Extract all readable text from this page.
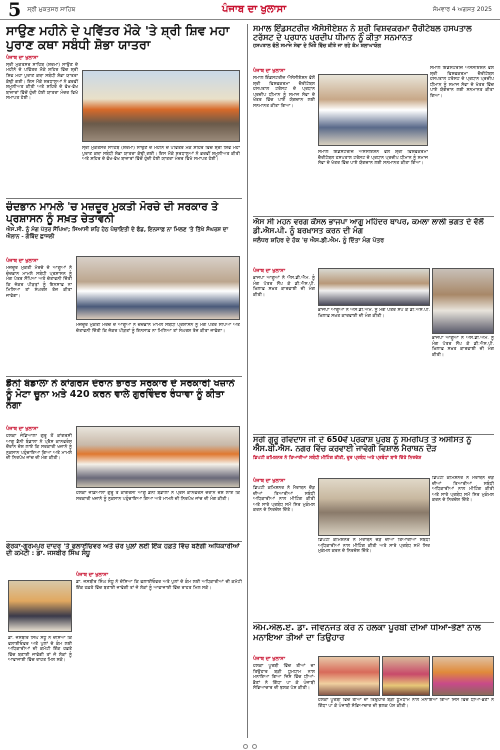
5 ਸ੍ਰੀ ਮੁਕਤਸਰ ਸਾਹਿਬ	ਪੰਜਾਬ ਦਾ ਖੁਲਾਸਾ	ਸੋਮਵਾਰ 4 ਅਗਸਤ 2025
ਸਾਉਣ ਮਹੀਨੇ ਦੇ ਪਵਿੱਤਰ ਮੌਕੇ 'ਤੇ ਸ਼੍ਰੀ ਸ਼ਿਵ ਮਹਾ ਪੁਰਾਣ ਕਥਾ ਸਬੰਧੀ ਸ਼ੋਭਾ ਯਾਤਰਾ
ਪੰਜਾਬ ਦਾ ਖੁਲਾਸਾ
ਸ੍ਰੀ ਮੁਕਤਸਰ ਸਾਹਿਬ (ਸ਼ਰਮਾ) ਸਾਉਣ ਦੇ ਮਹੀਨੇ ਦੇ ਪਵਿੱਤਰ ਮੌਕੇ ਸ਼ਹਿਰ ਵਿੱਚ ਸ਼੍ਰੀ ਸ਼ਿਵ ਮਹਾ ਪੁਰਾਣ ਕਥਾ ਸਬੰਧੀ ਸ਼ੋਭਾ ਯਾਤਰਾ ਕੱਢੀ ਗਈ। ਇਸ ਮੌਕੇ ਸ਼ਰਧਾਲੂਆਂ ਨੇ ਭਰਵੀਂ ਸ਼ਮੂਲੀਅਤ ਕੀਤੀ ਅਤੇ ਸ਼ਹਿਰ ਦੇ ਵੱਖ-ਵੱਖ ਬਾਜ਼ਾਰਾਂ ਵਿੱਚੋਂ ਹੁੰਦੀ ਹੋਈ ਯਾਤਰਾ ਮੰਦਰ ਵਿਖੇ ਸਮਾਪਤ ਹੋਈ।
ਸ੍ਰੀ ਮੁਕਤਸਰ ਸਾਹਿਬ (ਸ਼ਰਮਾ) ਸਾਉਣ ਦੇ ਮਹੀਨੇ ਦੇ ਪਵਿੱਤਰ ਮੌਕੇ ਸ਼ਹਿਰ ਵਿੱਚ ਸ਼੍ਰੀ ਸ਼ਿਵ ਮਹਾ ਪੁਰਾਣ ਕਥਾ ਸਬੰਧੀ ਸ਼ੋਭਾ ਯਾਤਰਾ ਕੱਢੀ ਗਈ। ਇਸ ਮੌਕੇ ਸ਼ਰਧਾਲੂਆਂ ਨੇ ਭਰਵੀਂ ਸ਼ਮੂਲੀਅਤ ਕੀਤੀ ਅਤੇ ਸ਼ਹਿਰ ਦੇ ਵੱਖ-ਵੱਖ ਬਾਜ਼ਾਰਾਂ ਵਿੱਚੋਂ ਹੁੰਦੀ ਹੋਈ ਯਾਤਰਾ ਮੰਦਰ ਵਿਖੇ ਸਮਾਪਤ ਹੋਈ।
ਚੰਦਭਾਨ ਮਾਮਲੇ 'ਚ ਮਜ਼ਦੂਰ ਮੁਕਤੀ ਮੋਰਚੇ ਦੀ ਸਰਕਾਰ ਤੇ ਪ੍ਰਸ਼ਾਸਨ ਨੂੰ ਸਖ਼ਤ ਚੇਤਾਵਨੀ
ਐਸ.ਸੀ. ਨੂੰ ਮੰਗ ਪੱਤਰ ਸੌਂਪਿਆ; ਸਿਆਸੀ ਸ਼ਹਿ ਹੇਠ ਪੰਚਾਇਤੀ ਦੇ ਫੰਡ, ਇਨਸਾਫ਼ ਨਾ ਮਿਲਣ 'ਤੇ ਤਿੱਖੇ ਸੰਘਰਸ਼ ਦਾ ਐਲਾਨ - ਗੋਬਿੰਦ ਛਾਜਲੀ
ਪੰਜਾਬ ਦਾ ਖੁਲਾਸਾ
ਮਜ਼ਦੂਰ ਮੁਕਤੀ ਮੋਰਚੇ ਦੇ ਆਗੂਆਂ ਨੇ ਚੰਦਭਾਨ ਮਾਮਲੇ ਸਬੰਧੀ ਪ੍ਰਸ਼ਾਸਨ ਨੂੰ ਮੰਗ ਪੱਤਰ ਸੌਂਪਿਆ ਅਤੇ ਚੇਤਾਵਨੀ ਦਿੱਤੀ ਕਿ ਜੇਕਰ ਪੀੜਤਾਂ ਨੂੰ ਇਨਸਾਫ਼ ਨਾ ਮਿਲਿਆ ਤਾਂ ਸੰਘਰਸ਼ ਤੇਜ਼ ਕੀਤਾ ਜਾਵੇਗਾ।
ਮਜ਼ਦੂਰ ਮੁਕਤੀ ਮੋਰਚੇ ਦੇ ਆਗੂਆਂ ਨੇ ਚੰਦਭਾਨ ਮਾਮਲੇ ਸਬੰਧੀ ਪ੍ਰਸ਼ਾਸਨ ਨੂੰ ਮੰਗ ਪੱਤਰ ਸੌਂਪਿਆ ਅਤੇ ਚੇਤਾਵਨੀ ਦਿੱਤੀ ਕਿ ਜੇਕਰ ਪੀੜਤਾਂ ਨੂੰ ਇਨਸਾਫ਼ ਨਾ ਮਿਲਿਆ ਤਾਂ ਸੰਘਰਸ਼ ਤੇਜ਼ ਕੀਤਾ ਜਾਵੇਗਾ।
ਡੈਨੀ ਬੰਡਾਲਾ ਨੇ ਕਾਂਗਰਸ ਦੌਰਾਨ ਭਾਰਤ ਸਰਕਾਰ ਦੇ ਸਰਕਾਰੀ ਖਜ਼ਾਨੇ ਨੂੰ ਮੋਟਾ ਚੂਨਾ ਅਤੇ 420 ਕਰਨ ਵਾਲੇ ਗੁਰਵਿੰਦਰ ਰੰਧਾਵਾ ਨੂੰ ਕੀਤਾ ਨੰਗਾ
ਪੰਜਾਬ ਦਾ ਖੁਲਾਸਾ
ਹਲਕਾ ਜੰਡਿਆਲਾ ਗੁਰੂ ਤੋਂ ਕਾਂਗਰਸੀ ਆਗੂ ਡੈਨੀ ਬੰਡਾਲਾ ਨੇ ਪ੍ਰੈਸ ਕਾਨਫਰੰਸ ਦੌਰਾਨ ਦੋਸ਼ ਲਾਏ ਕਿ ਸਰਕਾਰੀ ਖਜ਼ਾਨੇ ਨੂੰ ਨੁਕਸਾਨ ਪਹੁੰਚਾਇਆ ਗਿਆ ਅਤੇ ਮਾਮਲੇ ਦੀ ਨਿਰਪੱਖ ਜਾਂਚ ਦੀ ਮੰਗ ਕੀਤੀ।
ਹਲਕਾ ਜੰਡਿਆਲਾ ਗੁਰੂ ਤੋਂ ਕਾਂਗਰਸੀ ਆਗੂ ਡੈਨੀ ਬੰਡਾਲਾ ਨੇ ਪ੍ਰੈਸ ਕਾਨਫਰੰਸ ਦੌਰਾਨ ਦੋਸ਼ ਲਾਏ ਕਿ ਸਰਕਾਰੀ ਖਜ਼ਾਨੇ ਨੂੰ ਨੁਕਸਾਨ ਪਹੁੰਚਾਇਆ ਗਿਆ ਅਤੇ ਮਾਮਲੇ ਦੀ ਨਿਰਪੱਖ ਜਾਂਚ ਦੀ ਮੰਗ ਕੀਤੀ।
ਫੇਰਕਾ-ਗੁਰਮਪੁਰ ਦਾਦਰ 'ਤੇ ਫਲਾਈਓਵਰ ਅਤੇ ਚੋਰ ਪੁਲ਼ਾਂ ਲਈ ਇੱਕ ਹਫ਼ਤੇ ਵਿੱਚ ਬਣੇਗੀ ਅਧਿਕਾਰੀਆਂ ਦੀ ਕਮੇਟੀ : ਡਾ. ਜਸਬੀਰ ਸਿੰਘ ਸੰਧੂ
ਪੰਜਾਬ ਦਾ ਖੁਲਾਸਾ
ਡਾ. ਜਸਬੀਰ ਸਿੰਘ ਸੰਧੂ ਨੇ ਦੱਸਿਆ ਕਿ ਫਲਾਈਓਵਰ ਅਤੇ ਪੁਲਾਂ ਦੇ ਕੰਮ ਲਈ ਅਧਿਕਾਰੀਆਂ ਦੀ ਕਮੇਟੀ ਇੱਕ ਹਫ਼ਤੇ ਵਿੱਚ ਬਣਾਈ ਜਾਵੇਗੀ ਤਾਂ ਜੋ ਲੋਕਾਂ ਨੂੰ ਆਵਾਜਾਈ ਵਿੱਚ ਰਾਹਤ ਮਿਲ ਸਕੇ।
ਡਾ. ਜਸਬੀਰ ਸਿੰਘ ਸੰਧੂ ਨੇ ਦੱਸਿਆ ਕਿ ਫਲਾਈਓਵਰ ਅਤੇ ਪੁਲਾਂ ਦੇ ਕੰਮ ਲਈ ਅਧਿਕਾਰੀਆਂ ਦੀ ਕਮੇਟੀ ਇੱਕ ਹਫ਼ਤੇ ਵਿੱਚ ਬਣਾਈ ਜਾਵੇਗੀ ਤਾਂ ਜੋ ਲੋਕਾਂ ਨੂੰ ਆਵਾਜਾਈ ਵਿੱਚ ਰਾਹਤ ਮਿਲ ਸਕੇ।
ਸਮਾਲ ਇੰਡਸਟਰੀਜ਼ ਐਸੋਸੀਏਸ਼ਨ ਨੇ ਸ਼੍ਰੀ ਵਿਸ਼ਵਕਰਮਾ ਚੈਰੀਟੇਬਲ ਹਸਪਤਾਲ ਟਰੱਸਟ ਦੇ ਪ੍ਰਧਾਨ ਪ੍ਰਦੀਪ ਧੀਮਾਨ ਨੂੰ ਕੀਤਾ ਸਨਮਾਨਤ
ਹਸਪਤਾਲ ਵੱਲੋਂ ਸਮਾਜ ਸੇਵਾ ਦੇ ਖਿੱਤੇ ਵਿੱਚ ਕੀਤੇ ਜਾ ਰਹੇ ਕੰਮ ਸ਼ਲਾਘਾਯੋਗ
ਪੰਜਾਬ ਦਾ ਖੁਲਾਸਾ
ਸਮਾਲ ਇੰਡਸਟਰੀਜ਼ ਐਸੋਸੀਏਸ਼ਨ ਵੱਲੋਂ ਸ਼੍ਰੀ ਵਿਸ਼ਵਕਰਮਾ ਚੈਰੀਟੇਬਲ ਹਸਪਤਾਲ ਟਰੱਸਟ ਦੇ ਪ੍ਰਧਾਨ ਪ੍ਰਦੀਪ ਧੀਮਾਨ ਨੂੰ ਸਮਾਜ ਸੇਵਾ ਦੇ ਖੇਤਰ ਵਿੱਚ ਪਾਏ ਯੋਗਦਾਨ ਲਈ ਸਨਮਾਨਤ ਕੀਤਾ ਗਿਆ।
ਸਮਾਲ ਇੰਡਸਟਰੀਜ਼ ਐਸੋਸੀਏਸ਼ਨ ਵੱਲੋਂ ਸ਼੍ਰੀ ਵਿਸ਼ਵਕਰਮਾ ਚੈਰੀਟੇਬਲ ਹਸਪਤਾਲ ਟਰੱਸਟ ਦੇ ਪ੍ਰਧਾਨ ਪ੍ਰਦੀਪ ਧੀਮਾਨ ਨੂੰ ਸਮਾਜ ਸੇਵਾ ਦੇ ਖੇਤਰ ਵਿੱਚ ਪਾਏ ਯੋਗਦਾਨ ਲਈ ਸਨਮਾਨਤ ਕੀਤਾ ਗਿਆ।
ਸਮਾਲ ਇੰਡਸਟਰੀਜ਼ ਐਸੋਸੀਏਸ਼ਨ ਵੱਲੋਂ ਸ਼੍ਰੀ ਵਿਸ਼ਵਕਰਮਾ ਚੈਰੀਟੇਬਲ ਹਸਪਤਾਲ ਟਰੱਸਟ ਦੇ ਪ੍ਰਧਾਨ ਪ੍ਰਦੀਪ ਧੀਮਾਨ ਨੂੰ ਸਮਾਜ ਸੇਵਾ ਦੇ ਖੇਤਰ ਵਿੱਚ ਪਾਏ ਯੋਗਦਾਨ ਲਈ ਸਨਮਾਨਤ ਕੀਤਾ ਗਿਆ।
ਐਸ ਸੀ ਮਹਨ ਵਰਗ ਕੌਂਸਲ ਭਾਜਪਾ ਆਗੂ ਮਹਿੰਦਰ ਥਾਪਰ, ਕਮਲਾ ਲਾਲੀ ਭਗਤ ਦੇ ਵੱਲੋਂ ਡੀ.ਐਸ.ਪੀ. ਨੂੰ ਬਰਖ਼ਾਸਤ ਕਰਨ ਦੀ ਮੰਗ
ਜਲੰਧਰ ਸ਼ਹਿਰ ਦੇ ਹੱਕ 'ਚ ਐਸ.ਡੀ.ਐਮ. ਨੂੰ ਦਿੱਤਾ ਮੰਗ ਪੱਤਰ
ਪੰਜਾਬ ਦਾ ਖੁਲਾਸਾ
ਭਾਜਪਾ ਆਗੂਆਂ ਨੇ ਐਸ.ਡੀ.ਐਮ. ਨੂੰ ਮੰਗ ਪੱਤਰ ਸੌਂਪ ਕੇ ਡੀ.ਐਸ.ਪੀ. ਖ਼ਿਲਾਫ਼ ਸਖ਼ਤ ਕਾਰਵਾਈ ਦੀ ਮੰਗ ਕੀਤੀ।
ਭਾਜਪਾ ਆਗੂਆਂ ਨੇ ਐਸ.ਡੀ.ਐਮ. ਨੂੰ ਮੰਗ ਪੱਤਰ ਸੌਂਪ ਕੇ ਡੀ.ਐਸ.ਪੀ. ਖ਼ਿਲਾਫ਼ ਸਖ਼ਤ ਕਾਰਵਾਈ ਦੀ ਮੰਗ ਕੀਤੀ।
ਭਾਜਪਾ ਆਗੂਆਂ ਨੇ ਐਸ.ਡੀ.ਐਮ. ਨੂੰ ਮੰਗ ਪੱਤਰ ਸੌਂਪ ਕੇ ਡੀ.ਐਸ.ਪੀ. ਖ਼ਿਲਾਫ਼ ਸਖ਼ਤ ਕਾਰਵਾਈ ਦੀ ਮੰਗ ਕੀਤੀ।
ਸ੍ਰੀ ਗੁਰੂ ਰਵਿਦਾਸ ਜੀ ਦੇ 650ਵੇਂ ਪ੍ਰਕਾਸ਼ ਪੁਰਬ ਨੂੰ ਸਮਰਪਿਤ ਤੇ ਅਸੀਸਤ ਨੂੰ ਐਸ.ਬੀ.ਐਸ. ਨਗਰ ਵਿੱਚ ਕਰਵਾਈ ਜਾਵੇਗੀ ਵਿਸ਼ਾਲ ਮੈਰਾਥਨ ਦੌੜ
ਡਿਪਟੀ ਕਮਿਸ਼ਨਰ ਨੇ ਤਿਆਰੀਆਂ ਸਬੰਧੀ ਮੀਟਿੰਗ ਕੀਤੀ, ਦੂਰ ਪ੍ਰਬੰਧ ਅਤੇ ਪ੍ਰਬੰਧਾਂ ਬਾਰੇ ਦਿੱਤੇ ਨਿਰਦੇਸ਼
ਪੰਜਾਬ ਦਾ ਖੁਲਾਸਾ
ਡਿਪਟੀ ਕਮਿਸ਼ਨਰ ਨੇ ਮੈਰਾਥਨ ਦੌੜ ਦੀਆਂ ਤਿਆਰੀਆਂ ਸਬੰਧੀ ਅਧਿਕਾਰੀਆਂ ਨਾਲ ਮੀਟਿੰਗ ਕੀਤੀ ਅਤੇ ਸਾਰੇ ਪ੍ਰਬੰਧ ਸਮੇਂ ਸਿਰ ਮੁਕੰਮਲ ਕਰਨ ਦੇ ਨਿਰਦੇਸ਼ ਦਿੱਤੇ।
ਡਿਪਟੀ ਕਮਿਸ਼ਨਰ ਨੇ ਮੈਰਾਥਨ ਦੌੜ ਦੀਆਂ ਤਿਆਰੀਆਂ ਸਬੰਧੀ ਅਧਿਕਾਰੀਆਂ ਨਾਲ ਮੀਟਿੰਗ ਕੀਤੀ ਅਤੇ ਸਾਰੇ ਪ੍ਰਬੰਧ ਸਮੇਂ ਸਿਰ ਮੁਕੰਮਲ ਕਰਨ ਦੇ ਨਿਰਦੇਸ਼ ਦਿੱਤੇ।
ਡਿਪਟੀ ਕਮਿਸ਼ਨਰ ਨੇ ਮੈਰਾਥਨ ਦੌੜ ਦੀਆਂ ਤਿਆਰੀਆਂ ਸਬੰਧੀ ਅਧਿਕਾਰੀਆਂ ਨਾਲ ਮੀਟਿੰਗ ਕੀਤੀ ਅਤੇ ਸਾਰੇ ਪ੍ਰਬੰਧ ਸਮੇਂ ਸਿਰ ਮੁਕੰਮਲ ਕਰਨ ਦੇ ਨਿਰਦੇਸ਼ ਦਿੱਤੇ।
ਐਮ.ਐਲ.ਏ. ਡਾ. ਜੀਵਨਜੋਤ ਕੌਰ ਨੇ ਹਲਕਾ ਪੂਰਬੀ ਦੀਆਂ ਧੀਆਂ-ਭੈਣਾਂ ਨਾਲ ਮਨਾਇਆ ਤੀਆਂ ਦਾ ਤਿਉਹਾਰ
ਪੰਜਾਬ ਦਾ ਖੁਲਾਸਾ
ਹਲਕਾ ਪੂਰਬੀ ਵਿੱਚ ਤੀਆਂ ਦਾ ਤਿਉਹਾਰ ਬੜੀ ਧੂਮਧਾਮ ਨਾਲ ਮਨਾਇਆ ਗਿਆ ਜਿਸ ਵਿੱਚ ਧੀਆਂ-ਭੈਣਾਂ ਨੇ ਗਿੱਧਾ ਪਾ ਕੇ ਪੰਜਾਬੀ ਸੱਭਿਆਚਾਰ ਦੀ ਝਲਕ ਪੇਸ਼ ਕੀਤੀ।
ਹਲਕਾ ਪੂਰਬੀ ਵਿੱਚ ਤੀਆਂ ਦਾ ਤਿਉਹਾਰ ਬੜੀ ਧੂਮਧਾਮ ਨਾਲ ਮਨਾਇਆ ਗਿਆ ਜਿਸ ਵਿੱਚ ਧੀਆਂ-ਭੈਣਾਂ ਨੇ ਗਿੱਧਾ ਪਾ ਕੇ ਪੰਜਾਬੀ ਸੱਭਿਆਚਾਰ ਦੀ ਝਲਕ ਪੇਸ਼ ਕੀਤੀ।
